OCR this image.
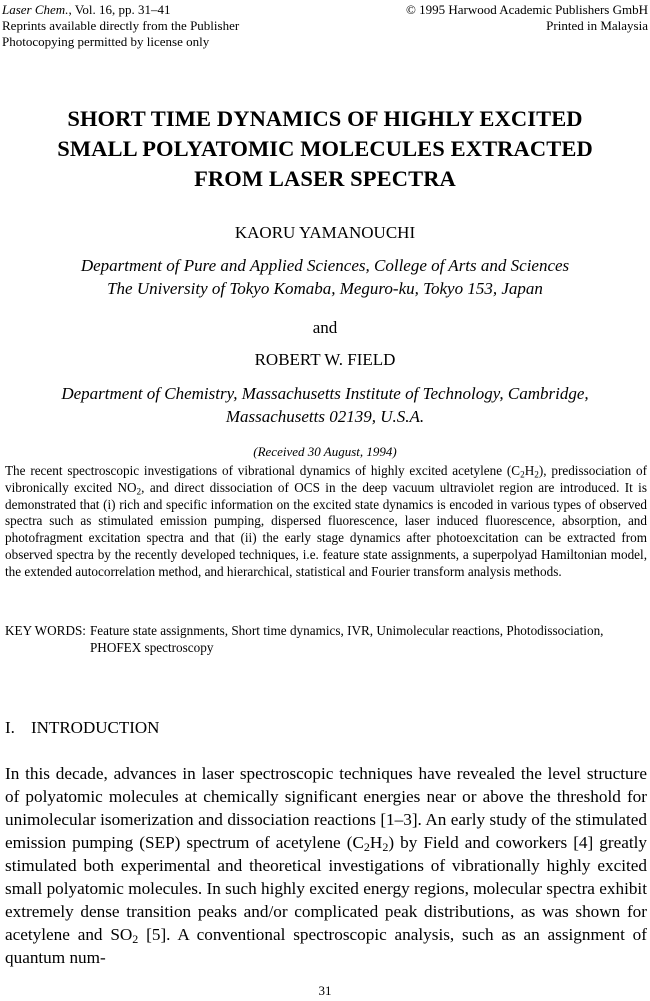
Laser Chem., Vol. 16, pp. 31–41
Reprints available directly from the Publisher
Photocopying permitted by license only
© 1995 Harwood Academic Publishers GmbH
Printed in Malaysia
SHORT TIME DYNAMICS OF HIGHLY EXCITED
SMALL POLYATOMIC MOLECULES EXTRACTED
FROM LASER SPECTRA
KAORU YAMANOUCHI
Department of Pure and Applied Sciences, College of Arts and Sciences
The University of Tokyo Komaba, Meguro-ku, Tokyo 153, Japan
and
ROBERT W. FIELD
Department of Chemistry, Massachusetts Institute of Technology, Cambridge,
Massachusetts 02139, U.S.A.
(Received 30 August, 1994)
The recent spectroscopic investigations of vibrational dynamics of highly excited acetylene $(C_2H_2)$, predissociation of vibronically excited $NO_2$, and direct dissociation of OCS in the deep vacuum ultraviolet region are introduced. It is demonstrated that (i) rich and specific information on the excited state dynamics is encoded in various types of observed spectra such as stimulated emission pumping, dispersed fluorescence, laser induced fluorescence, absorption, and photofragment excitation spectra and that (ii) the early stage dynamics after photoexcitation can be extracted from observed spectra by the recently developed techniques, i.e. feature state assignments, a superpolyad Hamiltonian model, the extended autocorrelation method, and hierarchical, statistical and Fourier transform analysis methods.
KEY WORDS: Feature state assignments, Short time dynamics, IVR, Unimolecular reactions, Photodissociation, PHOFEX spectroscopy
I. INTRODUCTION
In this decade, advances in laser spectroscopic techniques have revealed the level structure of polyatomic molecules at chemically significant energies near or above the threshold for unimolecular isomerization and dissociation reactions [1–3]. An early study of the stimulated emission pumping (SEP) spectrum of acetylene $(C_2H_2)$ by Field and coworkers [4] greatly stimulated both experimental and theoretical investigations of vibrationally highly excited small polyatomic molecules. In such highly excited energy regions, molecular spectra exhibit extremely dense transition peaks and/or complicated peak distributions, as was shown for acetylene and $SO_2$ [5]. A conventional spectroscopic analysis, such as an assignment of quantum num-
31
